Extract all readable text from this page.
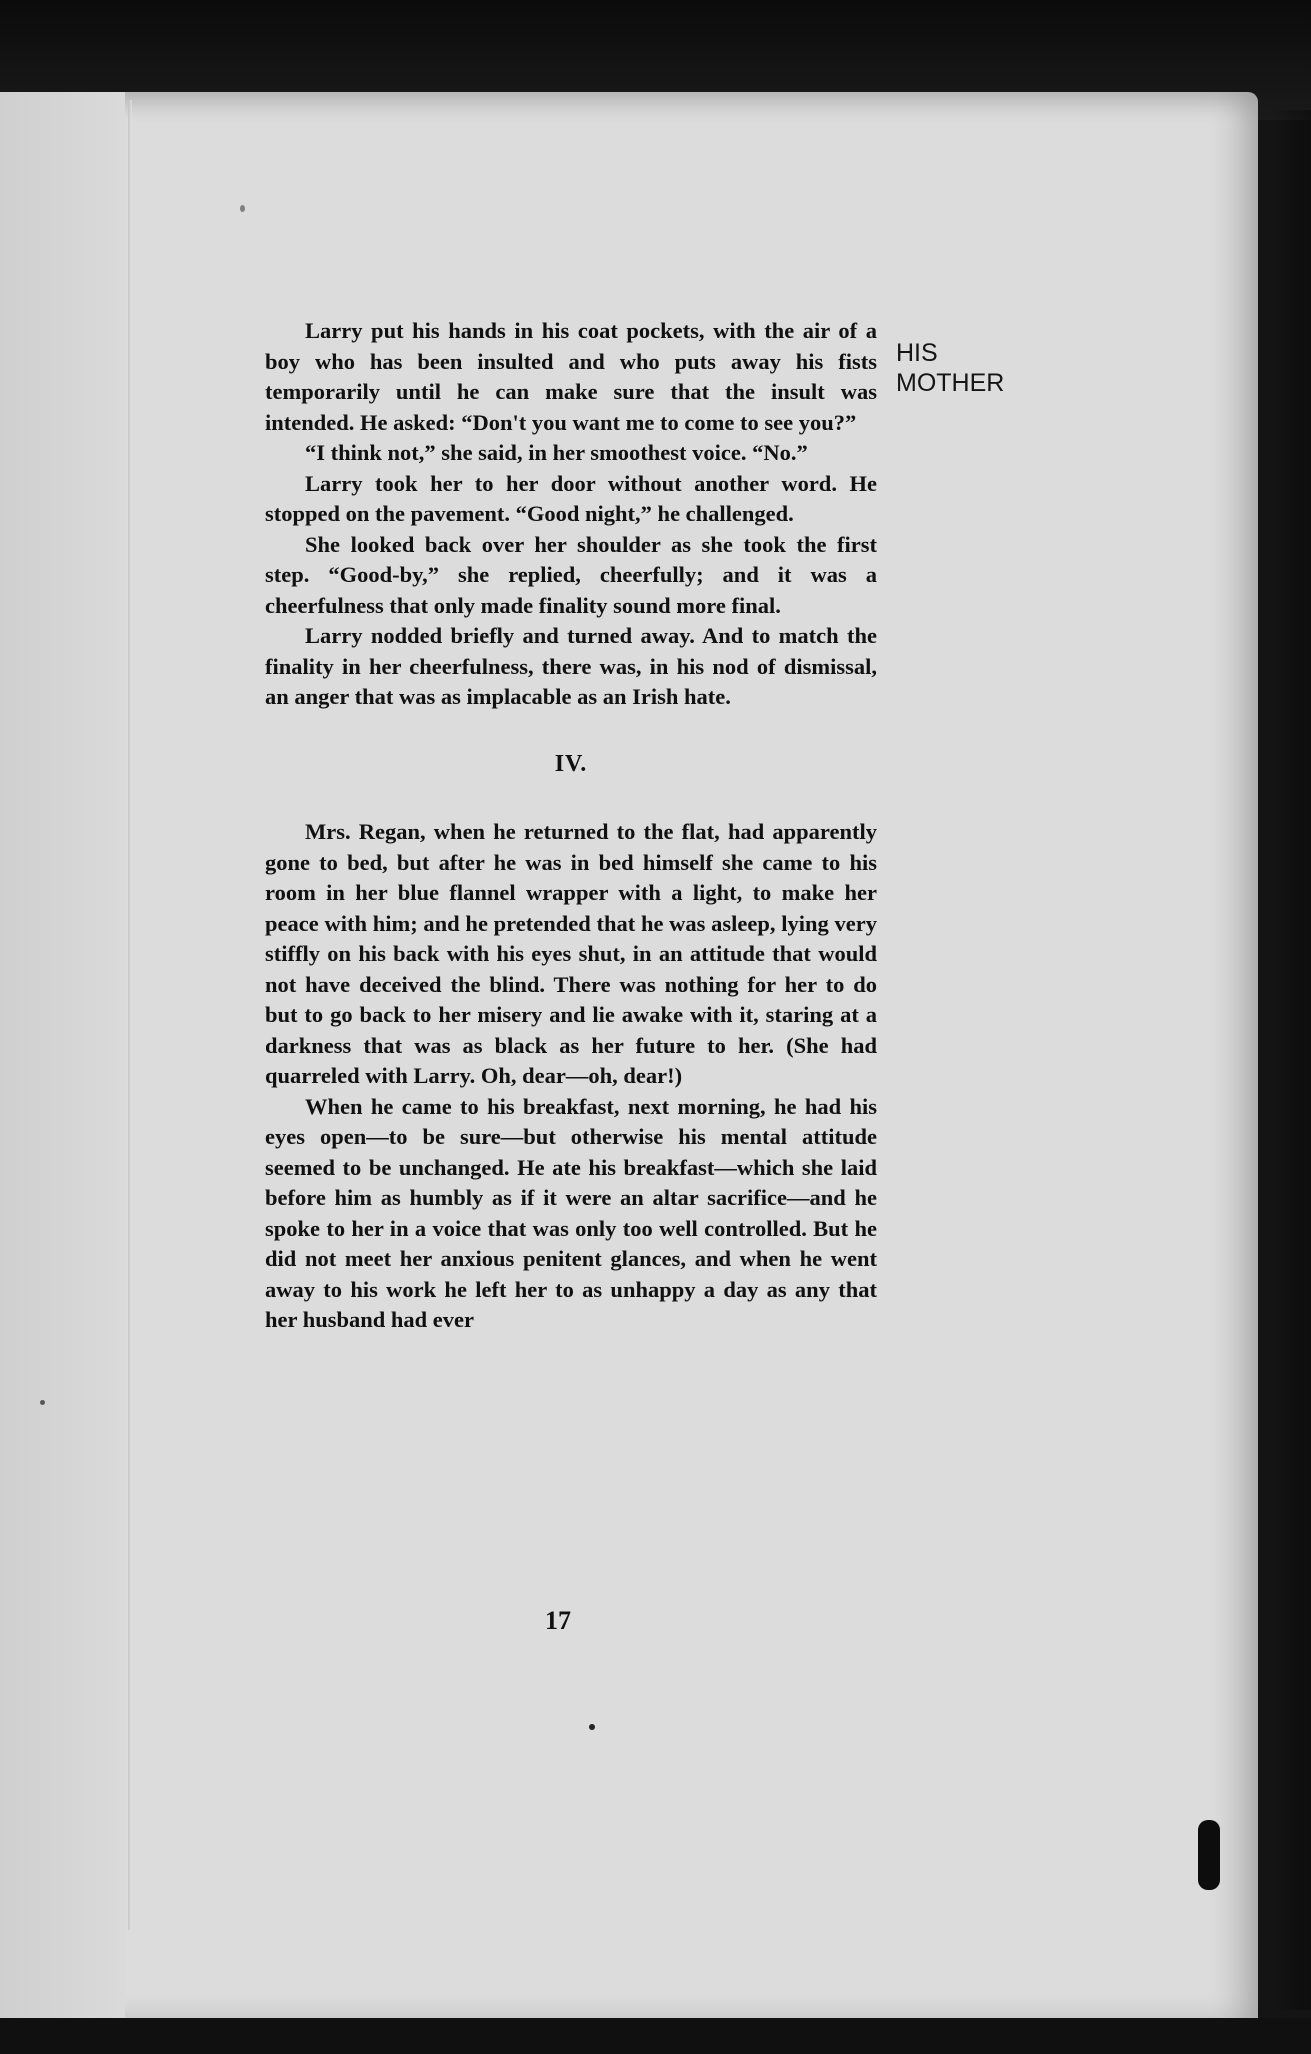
HIS
MOTHER

Larry put his hands in his coat pockets, with the air of a boy who has been insulted and who puts away his fists temporarily until he can make sure that the insult was intended. He asked: “Don't you want me to come to see you?”

“I think not,” she said, in her smoothest voice. “No.”

Larry took her to her door without another word. He stopped on the pavement. “Good night,” he challenged.

She looked back over her shoulder as she took the first step. “Good-by,” she replied, cheerfully; and it was a cheerfulness that only made finality sound more final.

Larry nodded briefly and turned away. And to match the finality in her cheerfulness, there was, in his nod of dismissal, an anger that was as implacable as an Irish hate.

IV.

Mrs. Regan, when he returned to the flat, had apparently gone to bed, but after he was in bed himself she came to his room in her blue flannel wrapper with a light, to make her peace with him; and he pretended that he was asleep, lying very stiffly on his back with his eyes shut, in an attitude that would not have deceived the blind. There was nothing for her to do but to go back to her misery and lie awake with it, staring at a darkness that was as black as her future to her. (She had quarreled with Larry. Oh, dear—oh, dear!)

When he came to his breakfast, next morning, he had his eyes open—to be sure—but otherwise his mental attitude seemed to be unchanged. He ate his breakfast—which she laid before him as humbly as if it were an altar sacrifice—and he spoke to her in a voice that was only too well controlled. But he did not meet her anxious penitent glances, and when he went away to his work he left her to as unhappy a day as any that her husband had ever

17
